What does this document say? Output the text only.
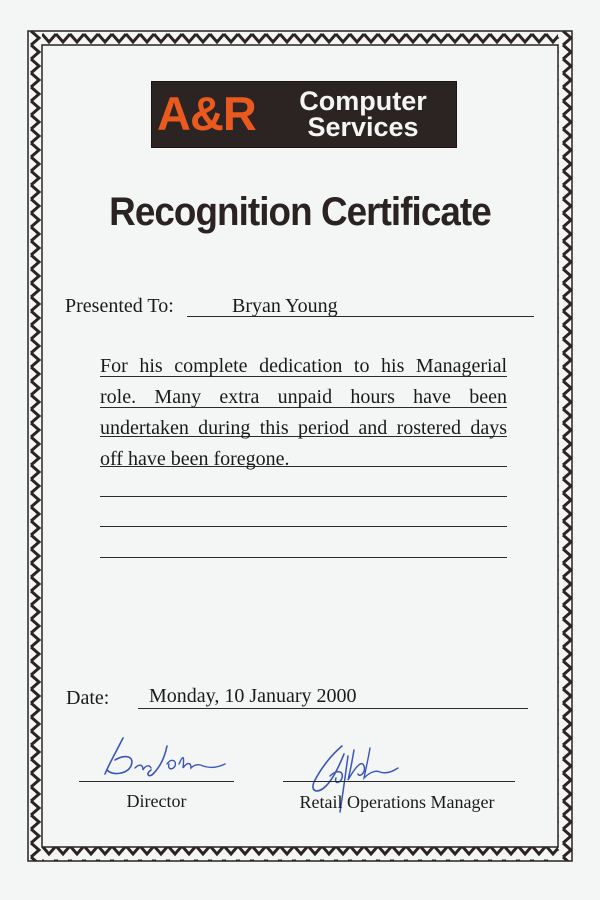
A&R	Computer
Services
Recognition Certificate
Presented To:	Bryan Young
For his complete dedication to his Managerial role. Many extra unpaid hours have been undertaken during this period and rostered days off have been foregone.
Date: Monday, 10 January 2000
Director	Retail Operations Manager
